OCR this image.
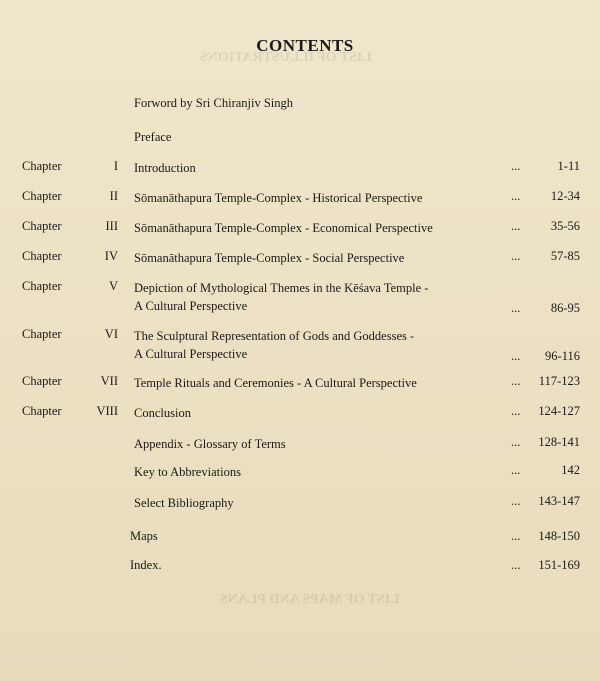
LIST OF ILLUSTRATIONS
LIST OF MAPS AND PLANS
CONTENTS
Forword by Sri Chiranjiv Singh
Preface
Chapter	I Introduction	...	1-11
Chapter	II Sōmanāthapura Temple-Complex - Historical Perspective	... 12-34
Chapter	III Sōmanāthapura Temple-Complex - Economical Perspective	... 35-56
Chapter	IV Sōmanāthapura Temple-Complex - Social Perspective	... 57-85
Chapter	V Depiction of Mythological Themes in the Kēśava Temple -
A Cultural Perspective	... 86-95
Chapter	VI The Sculptural Representation of Gods and Goddesses -
A Cultural Perspective	... 96-116
Chapter	VII Temple Rituals and Ceremonies - A Cultural Perspective	... 117-123
Chapter	VIII Conclusion	... 124-127
Appendix - Glossary of Terms	... 128-141
Key to Abbreviations	...	142
Select Bibliography	... 143-147
Maps	... 148-150
Index.	... 151-169
